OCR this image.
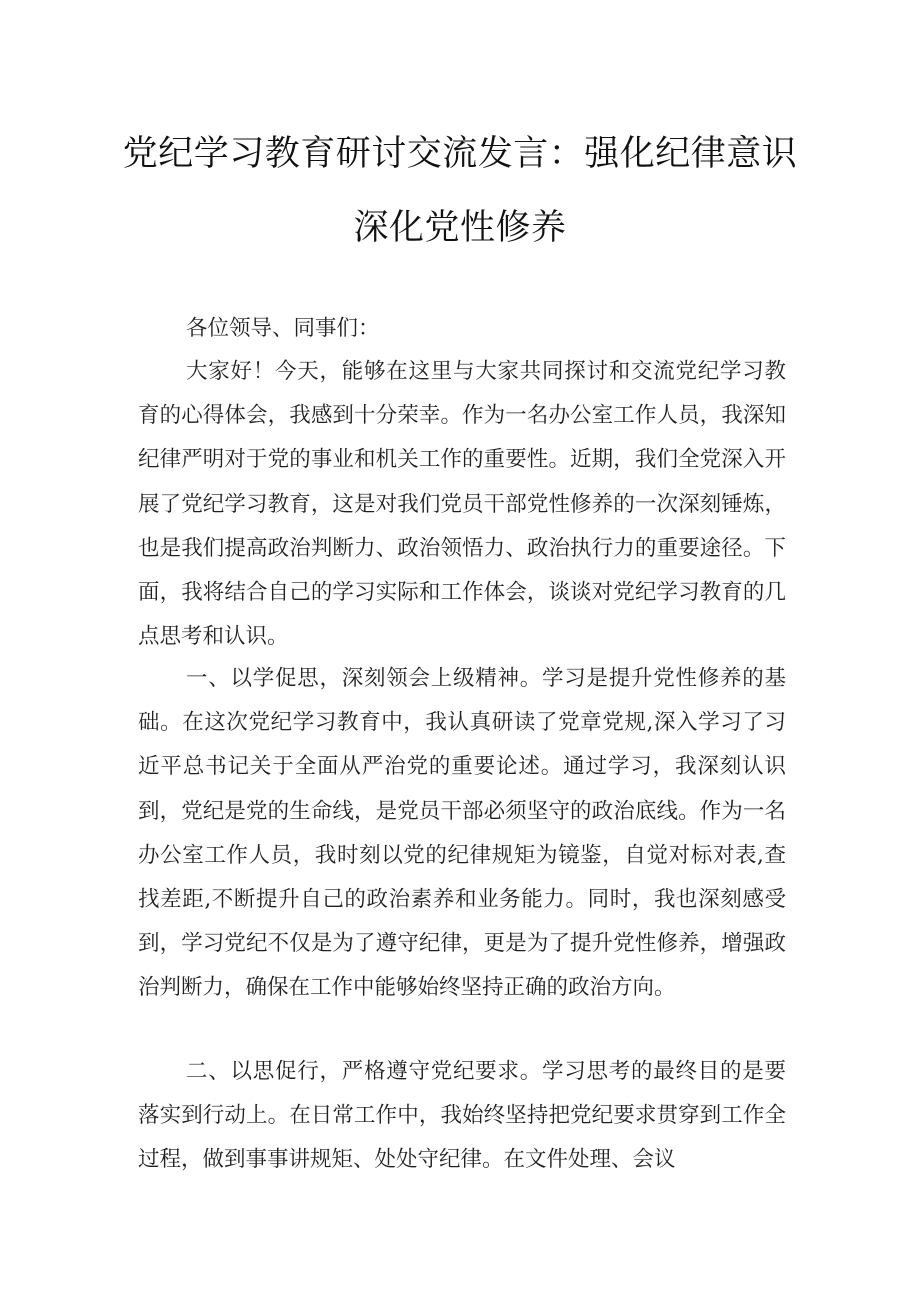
党纪学习教育研讨交流发言：强化纪律意识
深化党性修养

各位领导、同事们：

大家好！今天，能够在这里与大家共同探讨和交流党纪学习教育的心得体会，我感到十分荣幸。作为一名办公室工作人员，我深知纪律严明对于党的事业和机关工作的重要性。近期，我们全党深入开展了党纪学习教育，这是对我们党员干部党性修养的一次深刻锤炼，也是我们提高政治判断力、政治领悟力、政治执行力的重要途径。下面，我将结合自己的学习实际和工作体会，谈谈对党纪学习教育的几点思考和认识。

一、以学促思，深刻领会上级精神。学习是提升党性修养的基础。在这次党纪学习教育中，我认真研读了党章党规,深入学习了习近平总书记关于全面从严治党的重要论述。通过学习，我深刻认识到，党纪是党的生命线，是党员干部必须坚守的政治底线。作为一名办公室工作人员，我时刻以党的纪律规矩为镜鉴，自觉对标对表,查找差距,不断提升自己的政治素养和业务能力。同时，我也深刻感受到，学习党纪不仅是为了遵守纪律，更是为了提升党性修养，增强政治判断力，确保在工作中能够始终坚持正确的政治方向。

二、以思促行，严格遵守党纪要求。学习思考的最终目的是要落实到行动上。在日常工作中，我始终坚持把党纪要求贯穿到工作全过程，做到事事讲规矩、处处守纪律。在文件处理、会议
